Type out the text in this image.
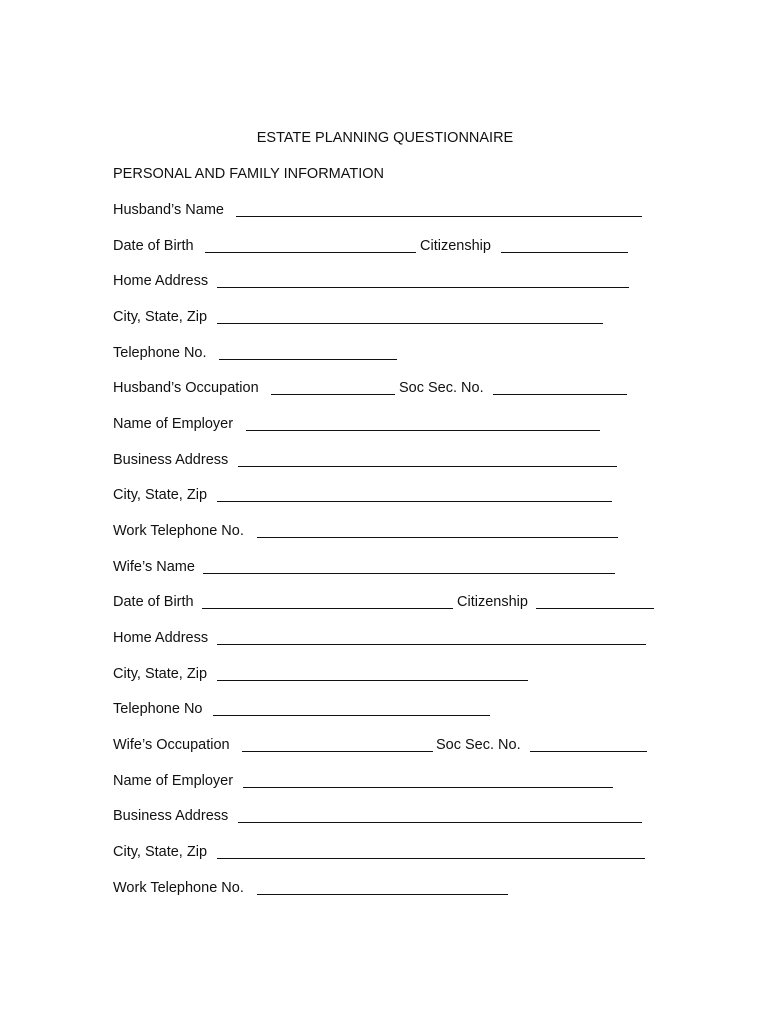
ESTATE PLANNING QUESTIONNAIRE
PERSONAL AND FAMILY INFORMATION
Husband’s Name
Date of Birth	Citizenship
Home Address
City, State, Zip
Telephone No.
Husband’s Occupation	Soc Sec. No.
Name of Employer
Business Address
City, State, Zip
Work Telephone No.
Wife’s Name
Date of Birth	Citizenship
Home Address
City, State, Zip
Telephone No
Wife’s Occupation	Soc Sec. No.
Name of Employer
Business Address
City, State, Zip
Work Telephone No.
